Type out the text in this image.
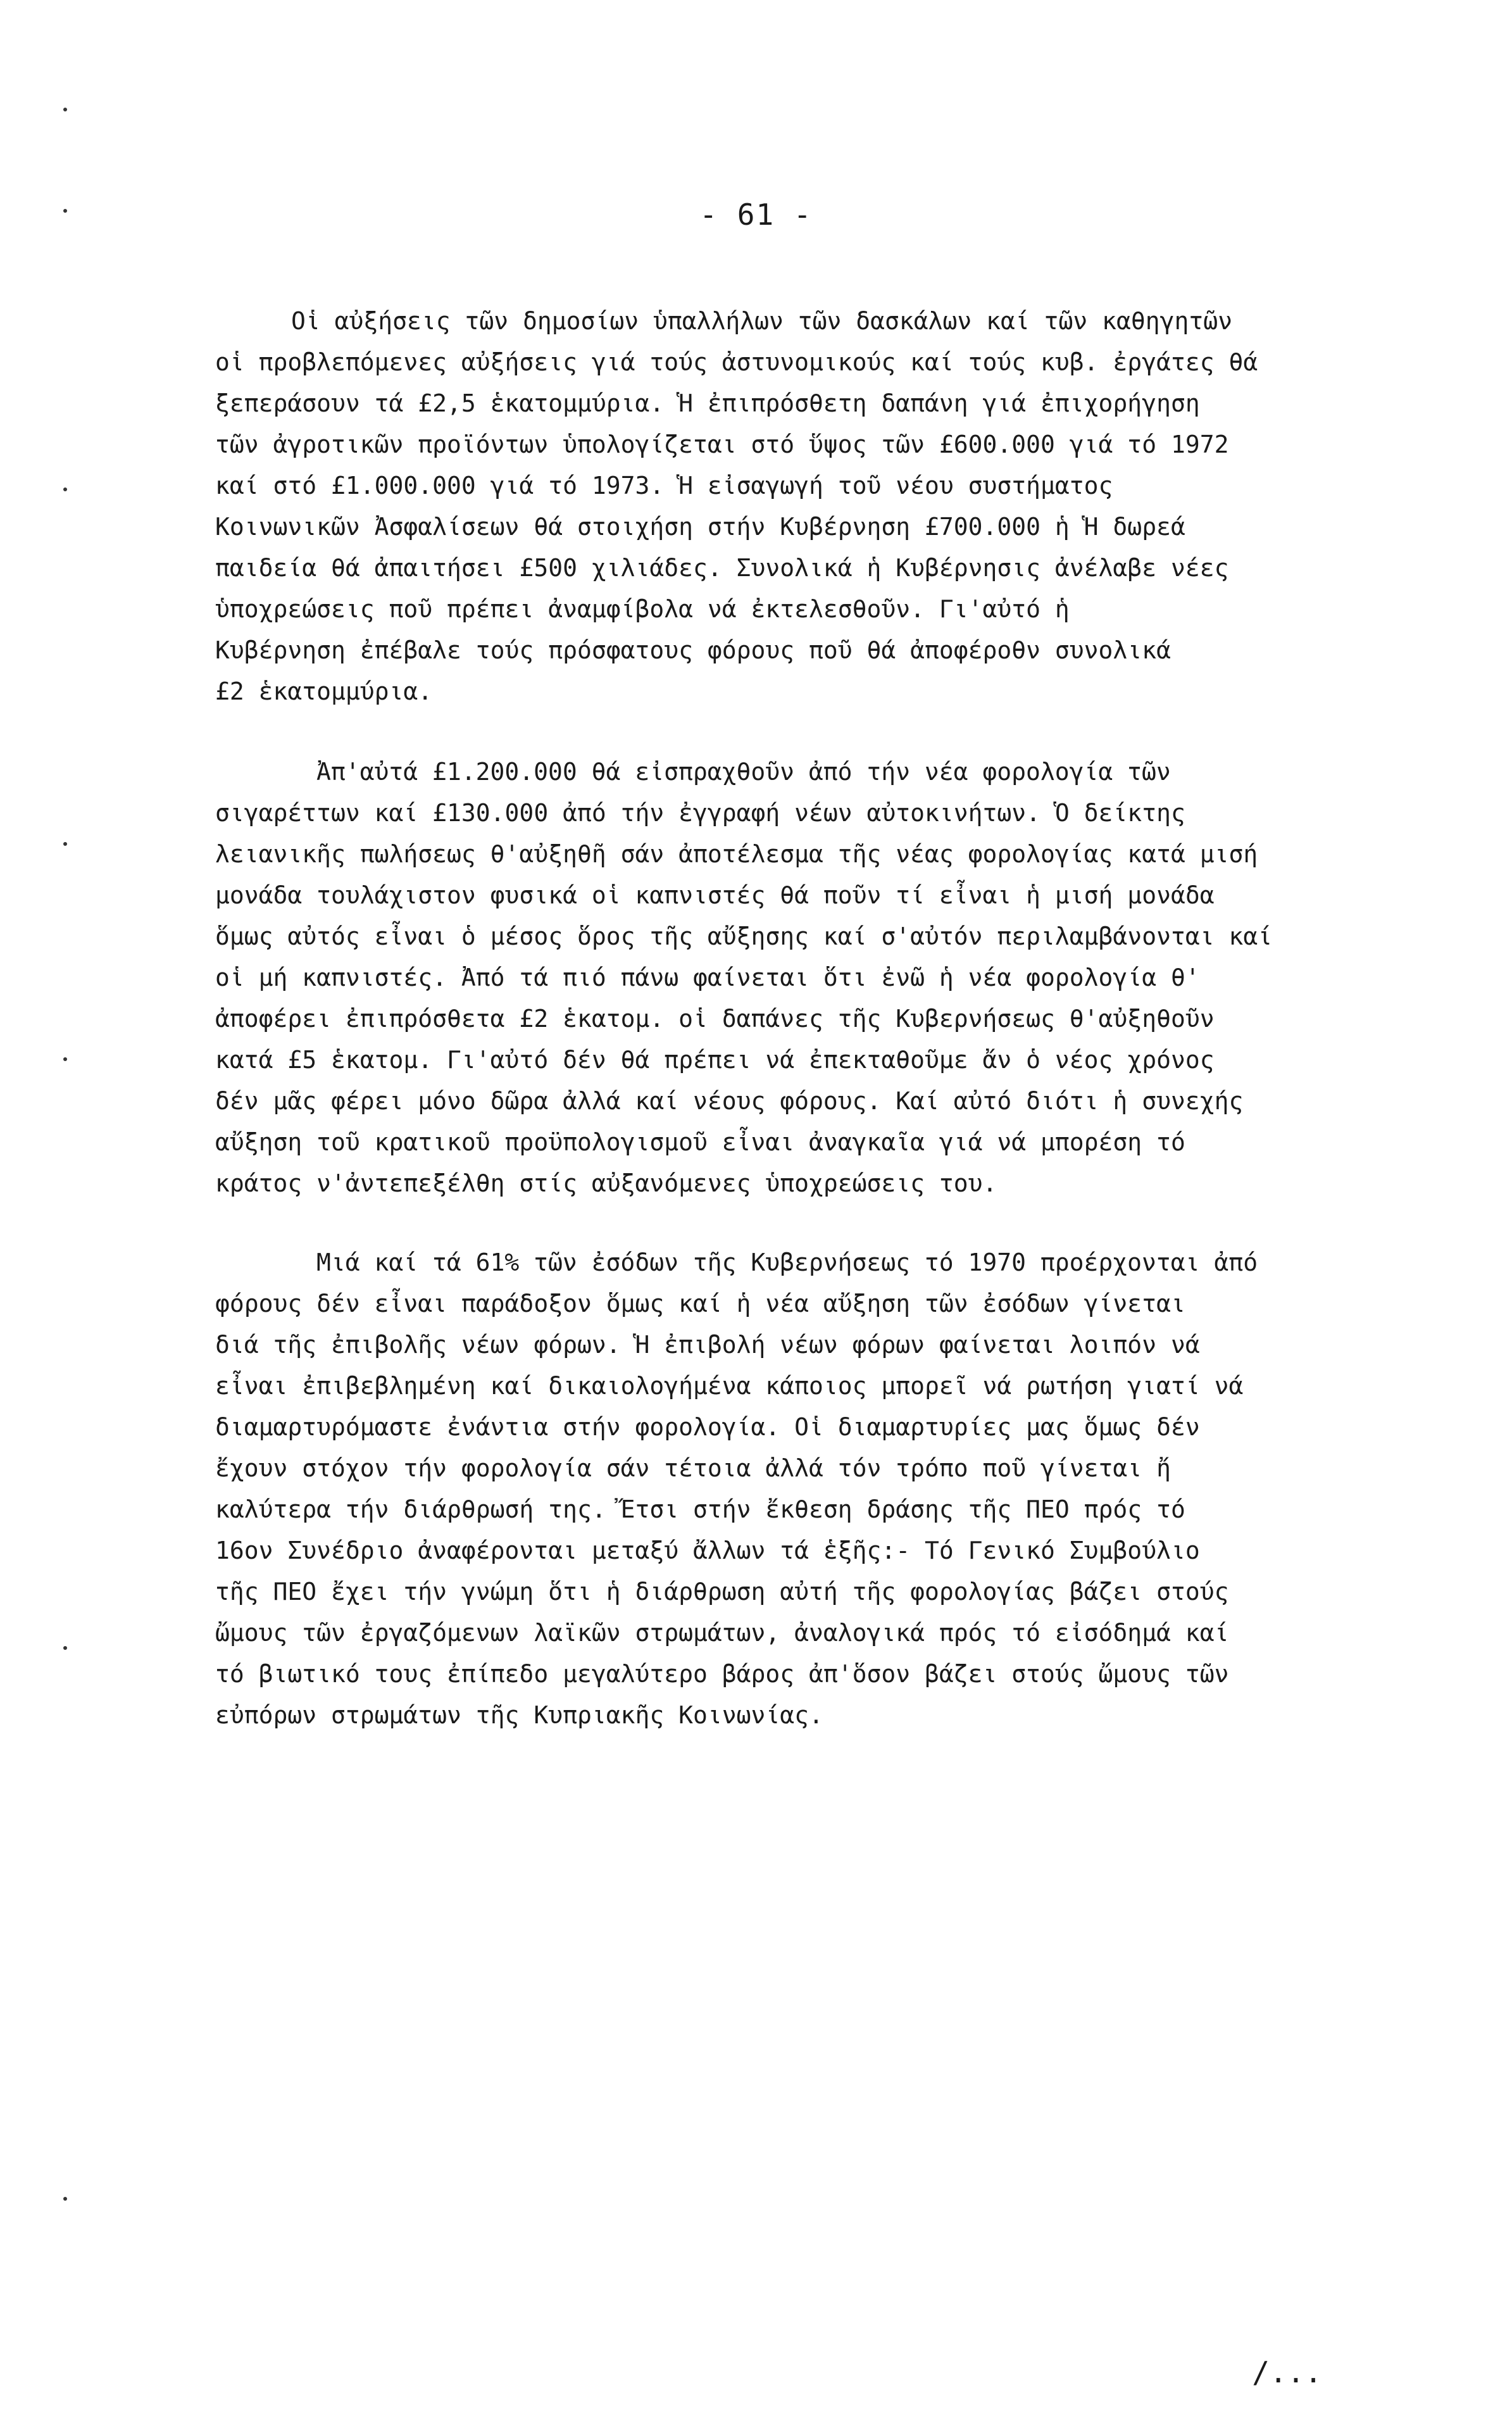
- 61 -
Οἱ αὐξήσεις τῶν δημοσίων ὑπαλλήλων τῶν δασκάλων καί τῶν καθηγητῶν
οἱ προβλεπόμενες αὐξήσεις γιά τούς ἀστυνομικούς καί τούς κυβ. ἐργάτες θά
ξεπεράσουν τά £2,5 ἑκατομμύρια. Ἡ ἐπιπρόσθετη δαπάνη γιά ἐπιχορήγηση
τῶν ἀγροτικῶν προϊόντων ὑπολογίζεται στό ὕψος τῶν £600.000 γιά τό 1972
καί στό £1.000.000 γιά τό 1973. Ἡ εἰσαγωγή τοῦ νέου συστήματος
Κοινωνικῶν Ἀσφαλίσεων θά στοιχήση στήν Κυβέρνηση £700.000 ἡ Ἡ δωρεά
παιδεία θά ἀπαιτήσει £500 χιλιάδες. Συνολικά ἡ Κυβέρνησις ἀνέλαβε νέες
ὑποχρεώσεις ποῦ πρέπει ἀναμφίβολα νά ἐκτελεσθοῦν. Γι'αὐτό ἡ
Κυβέρνηση ἐπέβαλε τούς πρόσφατους φόρους ποῦ θά ἀποφέροθν συνολικά
£2 ἑκατομμύρια.
Ἀπ'αὐτά £1.200.000 θά εἰσπραχθοῦν ἀπό τήν νέα φορολογία τῶν
σιγαρέττων καί £130.000 ἀπό τήν ἐγγραφή νέων αὐτοκινήτων. Ὁ δείκτης
λειανικῆς πωλήσεως θ'αὐξηθῆ σάν ἀποτέλεσμα τῆς νέας φορολογίας κατά μισή
μονάδα τουλάχιστον φυσικά οἱ καπνιστές θά ποῦν τί εἶναι ἡ μισή μονάδα
ὅμως αὐτός εἶναι ὁ μέσος ὅρος τῆς αὔξησης καί σ'αὐτόν περιλαμβάνονται καί
οἱ μή καπνιστές. Ἀπό τά πιό πάνω φαίνεται ὅτι ἐνῶ ἡ νέα φορολογία θ'
ἀποφέρει ἐπιπρόσθετα £2 ἑκατομ. οἱ δαπάνες τῆς Κυβερνήσεως θ'αὐξηθοῦν
κατά £5 ἑκατομ. Γι'αὐτό δέν θά πρέπει νά ἐπεκταθοῦμε ἄν ὁ νέος χρόνος
δέν μᾶς φέρει μόνο δῶρα ἀλλά καί νέους φόρους. Καί αὐτό διότι ἡ συνεχής
αὔξηση τοῦ κρατικοῦ προϋπολογισμοῦ εἶναι ἀναγκαῖα γιά νά μπορέση τό
κράτος ν'ἀντεπεξέλθη στίς αὐξανόμενες ὑποχρεώσεις του.
Μιά καί τά 61% τῶν ἐσόδων τῆς Κυβερνήσεως τό 1970 προέρχονται ἀπό
φόρους δέν εἶναι παράδοξον ὅμως καί ἡ νέα αὔξηση τῶν ἐσόδων γίνεται
διά τῆς ἐπιβολῆς νέων φόρων. Ἡ ἐπιβολή νέων φόρων φαίνεται λοιπόν νά
εἶναι ἐπιβεβλημένη καί δικαιολογήμένα κάποιος μπορεῖ νά ρωτήση γιατί νά
διαμαρτυρόμαστε ἐνάντια στήν φορολογία. Οἱ διαμαρτυρίες μας ὅμως δέν
ἔχουν στόχον τήν φορολογία σάν τέτοια ἀλλά τόν τρόπο ποῦ γίνεται ἤ
καλύτερα τήν διάρθρωσή της. Ἔτσι στήν ἔκθεση δράσης τῆς ΠΕΟ πρός τό
16ον Συνέδριο ἀναφέρονται μεταξύ ἄλλων τά ἑξῆς:- Τό Γενικό Συμβούλιο
τῆς ΠΕΟ ἔχει τήν γνώμη ὅτι ἡ διάρθρωση αὐτή τῆς φορολογίας βάζει στούς
ὤμους τῶν ἐργαζόμενων λαϊκῶν στρωμάτων, ἀναλογικά πρός τό εἰσόδημά καί
τό βιωτικό τους ἐπίπεδο μεγαλύτερο βάρος ἀπ'ὅσον βάζει στούς ὤμους τῶν
εὐπόρων στρωμάτων τῆς Κυπριακῆς Κοινωνίας.
/...
